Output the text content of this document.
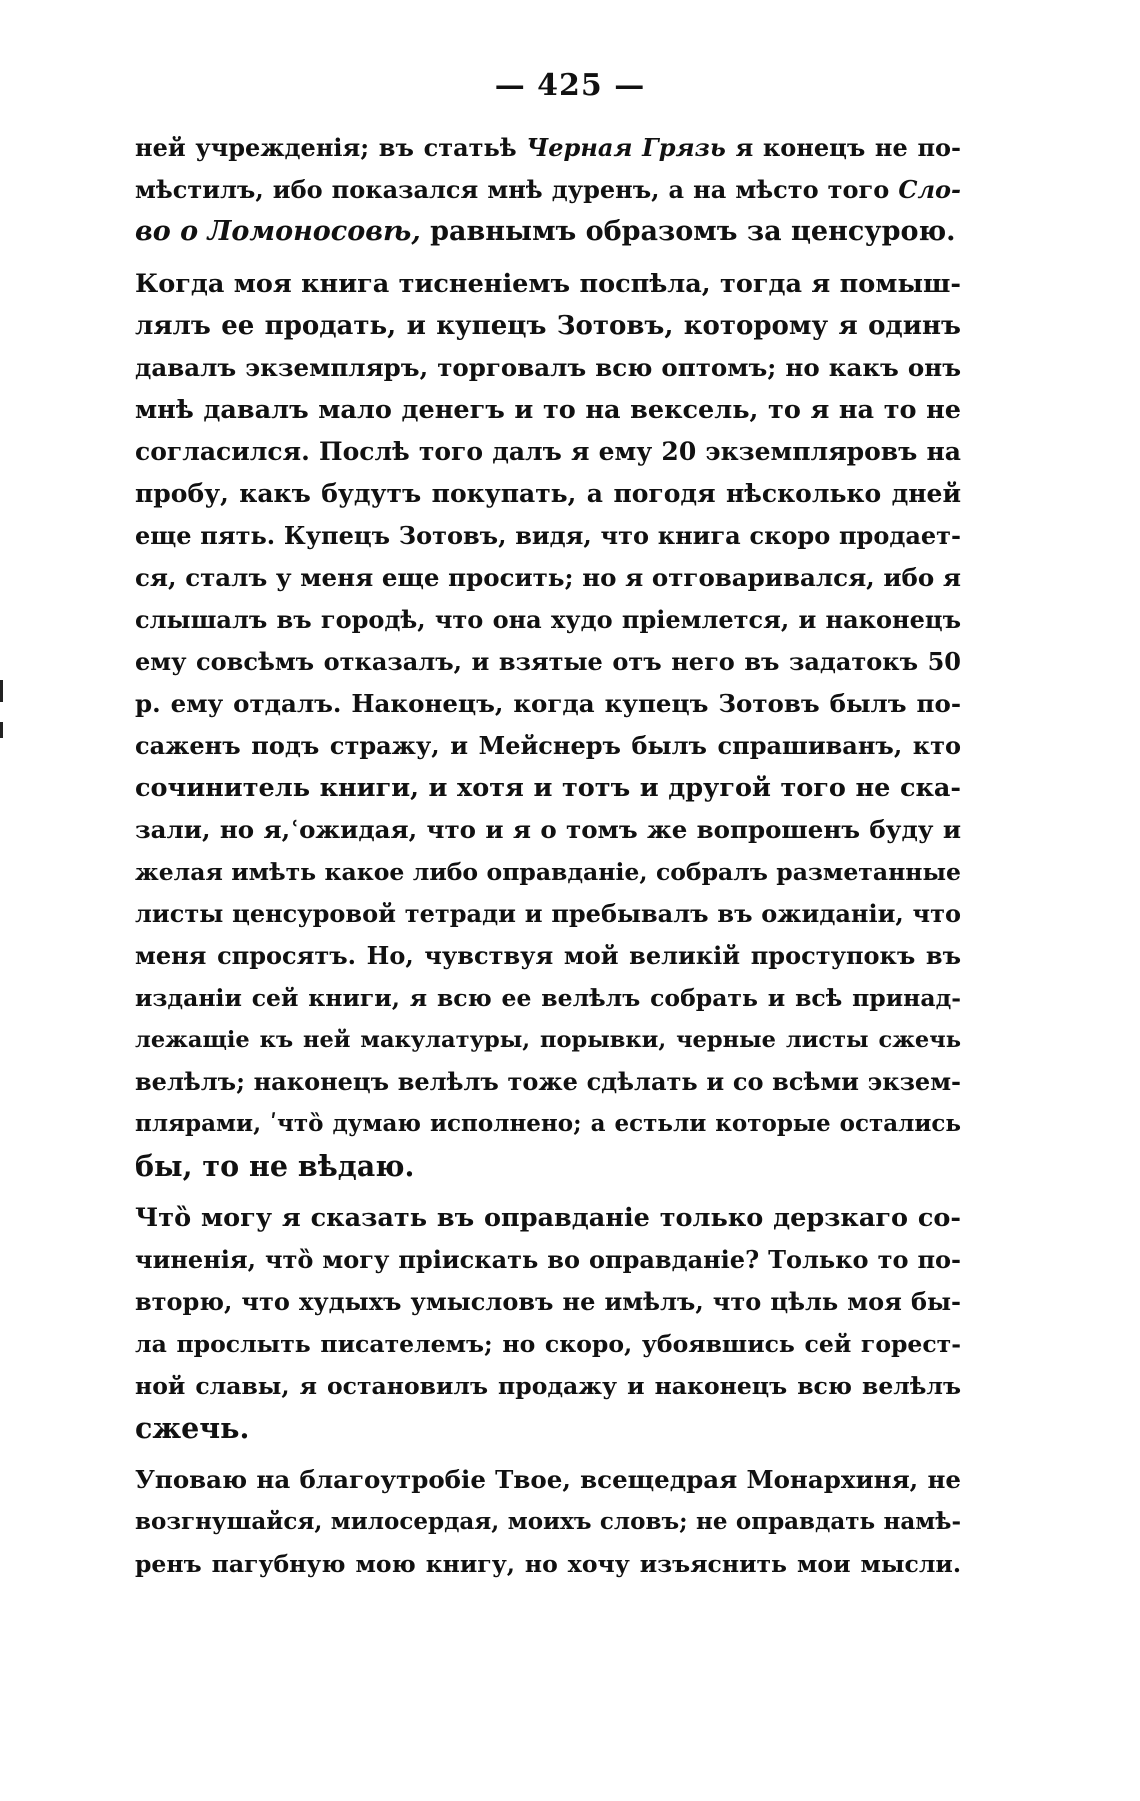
— 425 —
ней учрежденія; въ статьѣ Черная Грязь я конецъ не по-
мѣстилъ, ибо показался мнѣ дуренъ, а на мѣсто того Сло-
во о Ломоносовѣ, равнымъ образомъ за ценсурою.
Когда моя книга тисненіемъ поспѣла, тогда я помыш-
лялъ ее продать, и купецъ Зотовъ, которому я одинъ
давалъ экземпляръ, торговалъ всю оптомъ; но какъ онъ
мнѣ давалъ мало денегъ и то на вексель, то я на то не
согласился. Послѣ того далъ я ему 20 экземпляровъ на
пробу, какъ будутъ покупать, а погодя нѣсколько дней
еще пять. Купецъ Зотовъ, видя, что книга скоро продает-
ся, сталъ у меня еще просить; но я отговаривался, ибо я
слышалъ въ городѣ, что она худо пріемлется, и наконецъ
ему совсѣмъ отказалъ, и взятые отъ него въ задатокъ 50
р. ему отдалъ. Наконецъ, когда купецъ Зотовъ былъ по-
саженъ подъ стражу, и Мейснеръ былъ спрашиванъ, кто
сочинитель книги, и хотя и тотъ и другой того не ска-
зали, но я,ʿожидая, что и я о томъ же вопрошенъ буду и
желая имѣть какое либо оправданіе, собралъ разметанные
листы ценсуровой тетради и пребывалъ въ ожиданіи, что
меня спросятъ. Но, чувствуя мой великій проступокъ въ
изданіи сей книги, я всю ее велѣлъ собрать и всѣ принад-
лежащіе къ ней макулатуры, порывки, черные листы сжечь
велѣлъ; наконецъ велѣлъ тоже сдѣлать и со всѣми экзем-
плярами, ʹчтȍ думаю исполнено; а естьли которые остались
бы, то не вѣдаю.
Чтȍ могу я сказать въ оправданіе только дерзкаго со-
чиненія, чтȍ могу пріискать во оправданіе? Только то по-
вторю, что худыхъ умысловъ не имѣлъ, что цѣль моя бы-
ла прослыть писателемъ; но скоро, убоявшись сей горест-
ной славы, я остановилъ продажу и наконецъ всю велѣлъ
сжечь.
Уповаю на благоутробіе Твое, всещедрая Монархиня, не
возгнушайся, милосердая, моихъ словъ; не оправдать намѣ-
ренъ пагубную мою книгу, но хочу изъяснить мои мысли.
